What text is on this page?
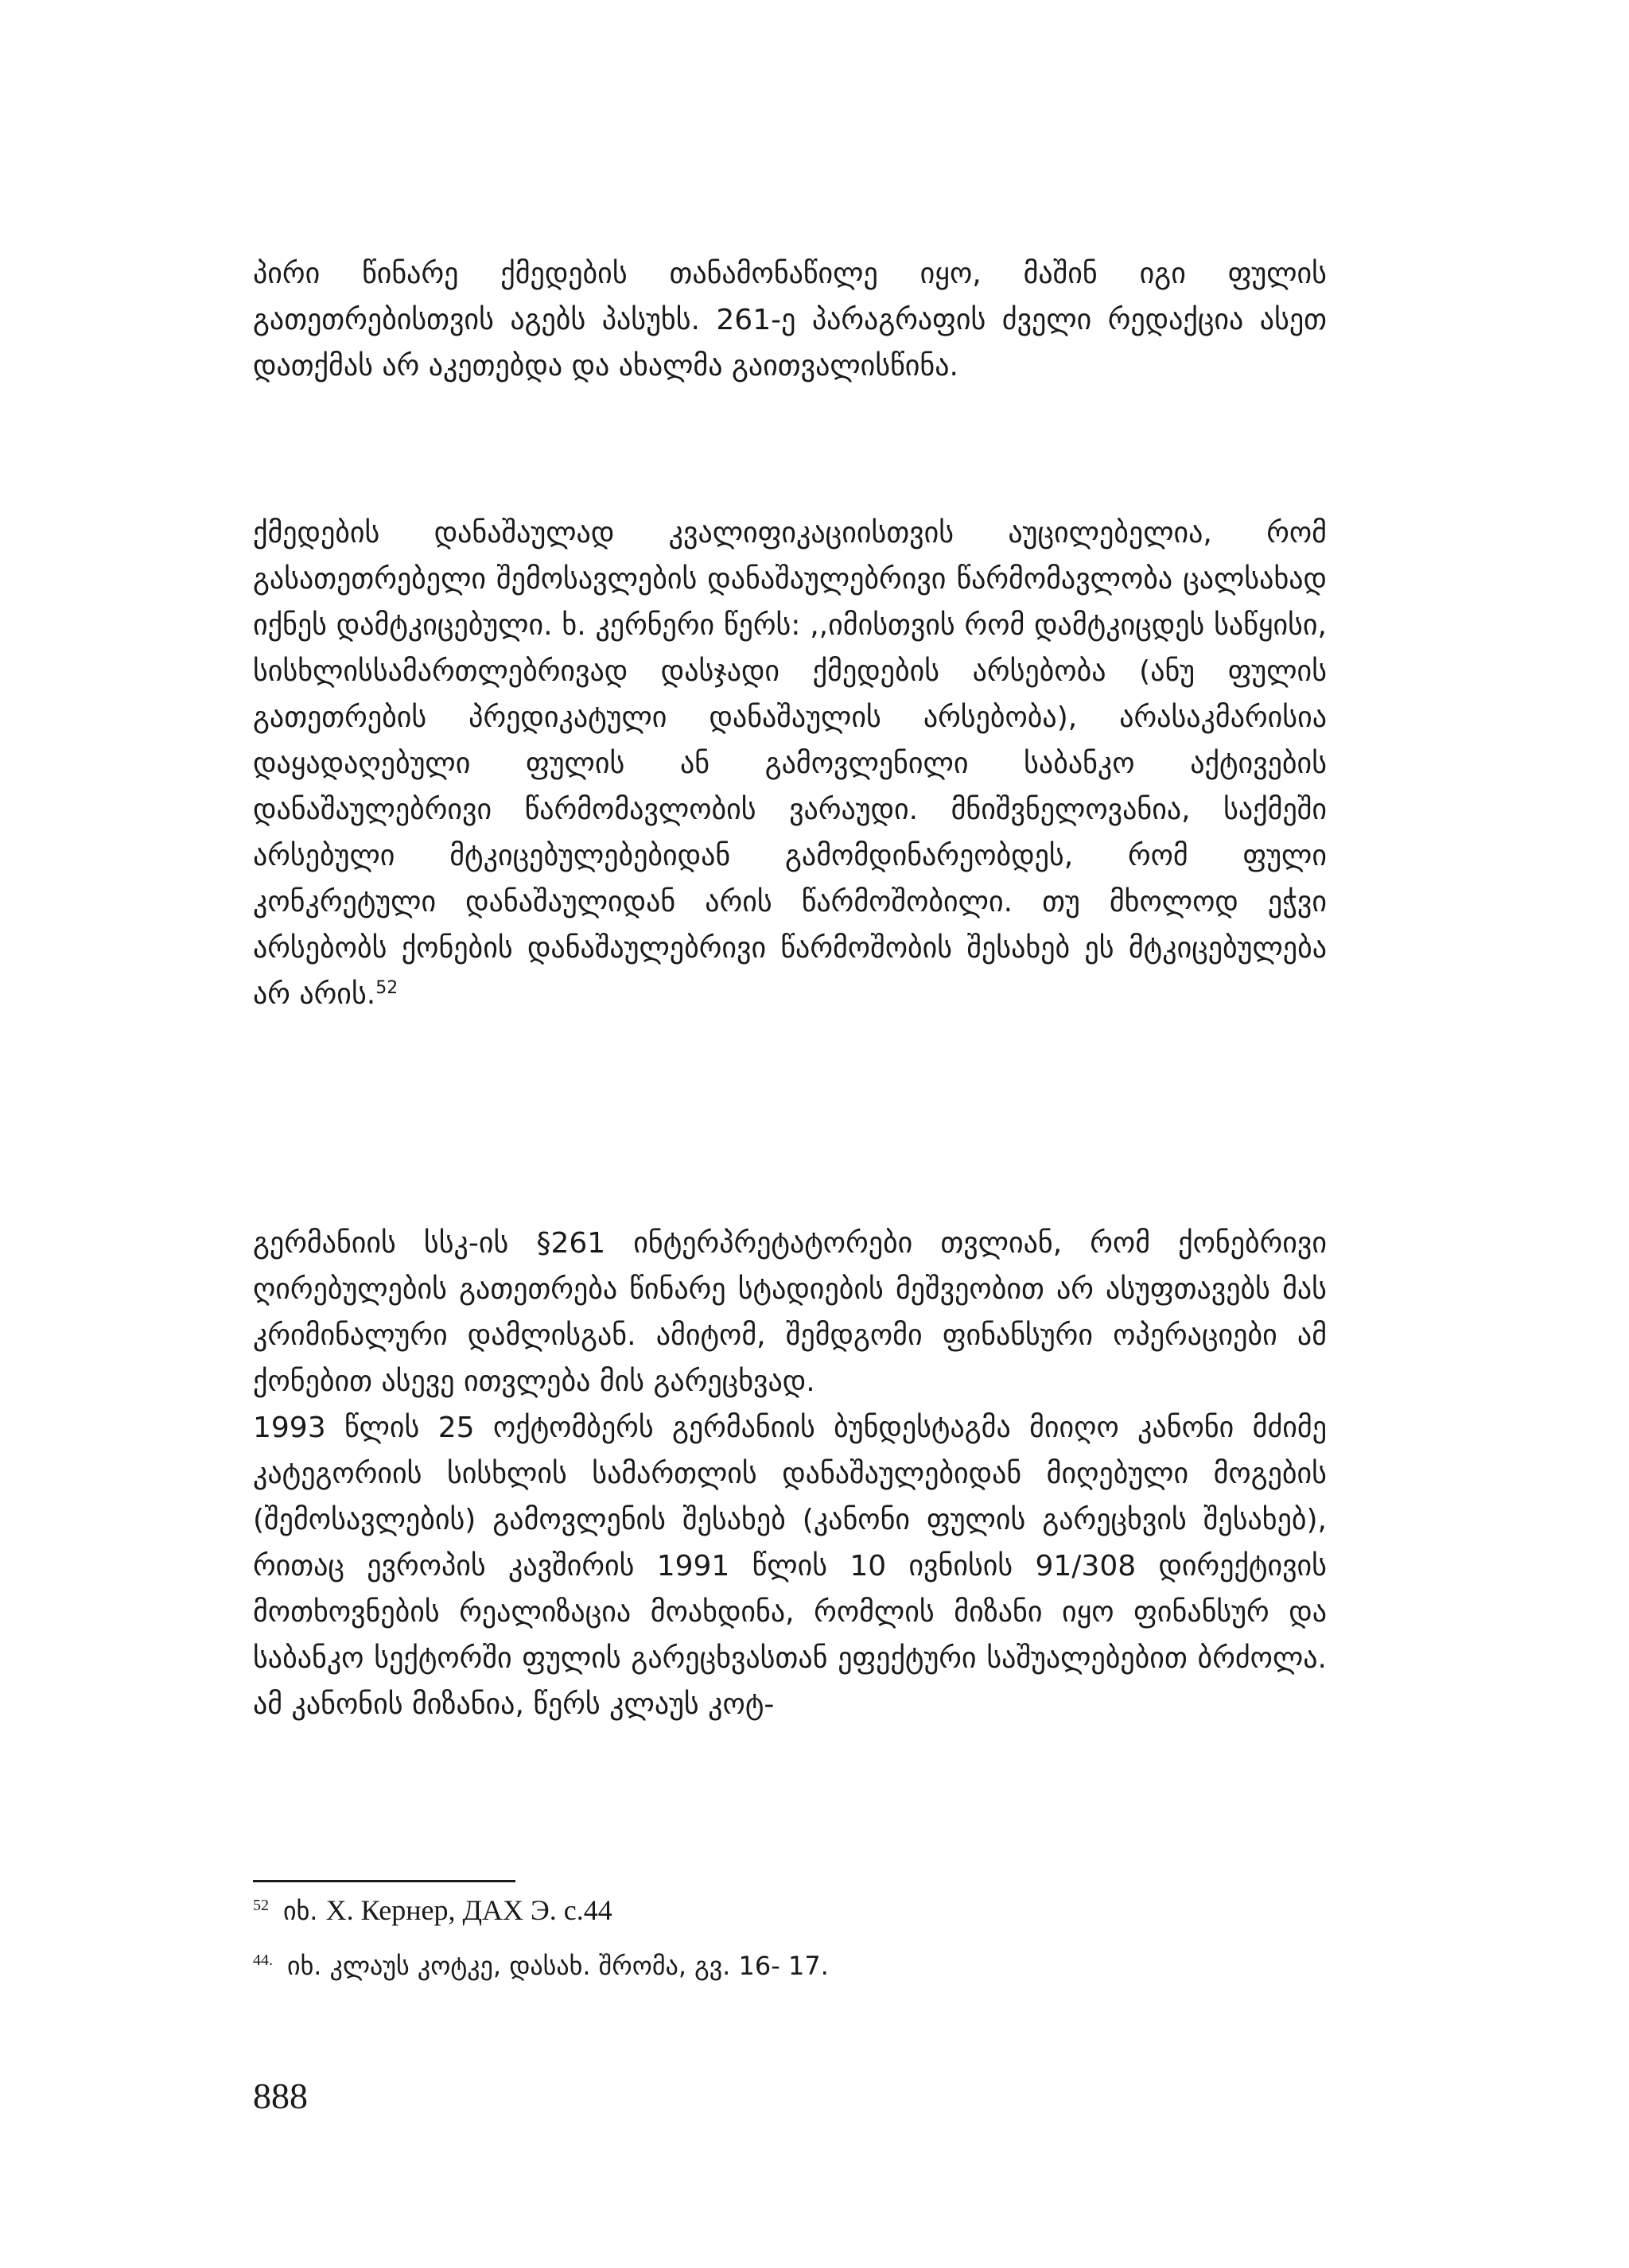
პირი წინარე ქმედების თანამონაწილე იყო, მაშინ იგი ფულის გათეთრებისთვის აგებს პასუხს. 261-ე პარაგრაფის ძველი რედაქცია ასეთ დათქმას არ აკეთებდა და ახალმა გაითვალისწინა.
ქმედების დანაშაულად კვალიფიკაციისთვის აუცილებელია, რომ გასათეთრებელი შემოსავლების დანაშაულებრივი წარმომავლობა ცალსახად იქნეს დამტკიცებული. ხ. კერნერი წერს: ,,იმისთვის რომ დამტკიცდეს საწყისი, სისხლისსამართლებრივად დასჯადი ქმედების არსებობა (ანუ ფულის გათეთრების პრედიკატული დანაშაულის არსებობა), არასაკმარისია დაყადაღებული ფულის ან გამოვლენილი საბანკო აქტივების დანაშაულებრივი წარმომავლობის ვარაუდი. მნიშვნელოვანია, საქმეში არსებული მტკიცებულებებიდან გამომდინარეობდეს, რომ ფული კონკრეტული დანაშაულიდან არის წარმოშობილი. თუ მხოლოდ ეჭვი არსებობს ქონების დანაშაულებრივი წარმოშობის შესახებ ეს მტკიცებულება არ არის.$^{52}$
გერმანიის სსკ-ის §261 ინტერპრეტატორები თვლიან, რომ ქონებრივი ღირებულების გათეთრება წინარე სტადიების მეშვეობით არ ასუფთავებს მას კრიმინალური დამლისგან. ამიტომ, შემდგომი ფინანსური ოპერაციები ამ ქონებით ასევე ითვლება მის გარეცხვად.
1993 წლის 25 ოქტომბერს გერმანიის ბუნდესტაგმა მიიღო კანონი მძიმე კატეგორიის სისხლის სამართლის დანაშაულებიდან მიღებული მოგების (შემოსავლების) გამოვლენის შესახებ (კანონი ფულის გარეცხვის შესახებ), რითაც ევროპის კავშირის 1991 წლის 10 ივნისის 91/308 დირექტივის მოთხოვნების რეალიზაცია მოახდინა, რომლის მიზანი იყო ფინანსურ და საბანკო სექტორში ფულის გარეცხვასთან ეფექტური საშუალებებით ბრძოლა. ამ კანონის მიზანია, წერს კლაუს კოტ-
$^{52}$ იხ. Х. Кернер, ДАХ Э. с.44
$^{44.}$ იხ. კლაუს კოტკე, დასახ. შრომა, გვ. 16- 17.
888
